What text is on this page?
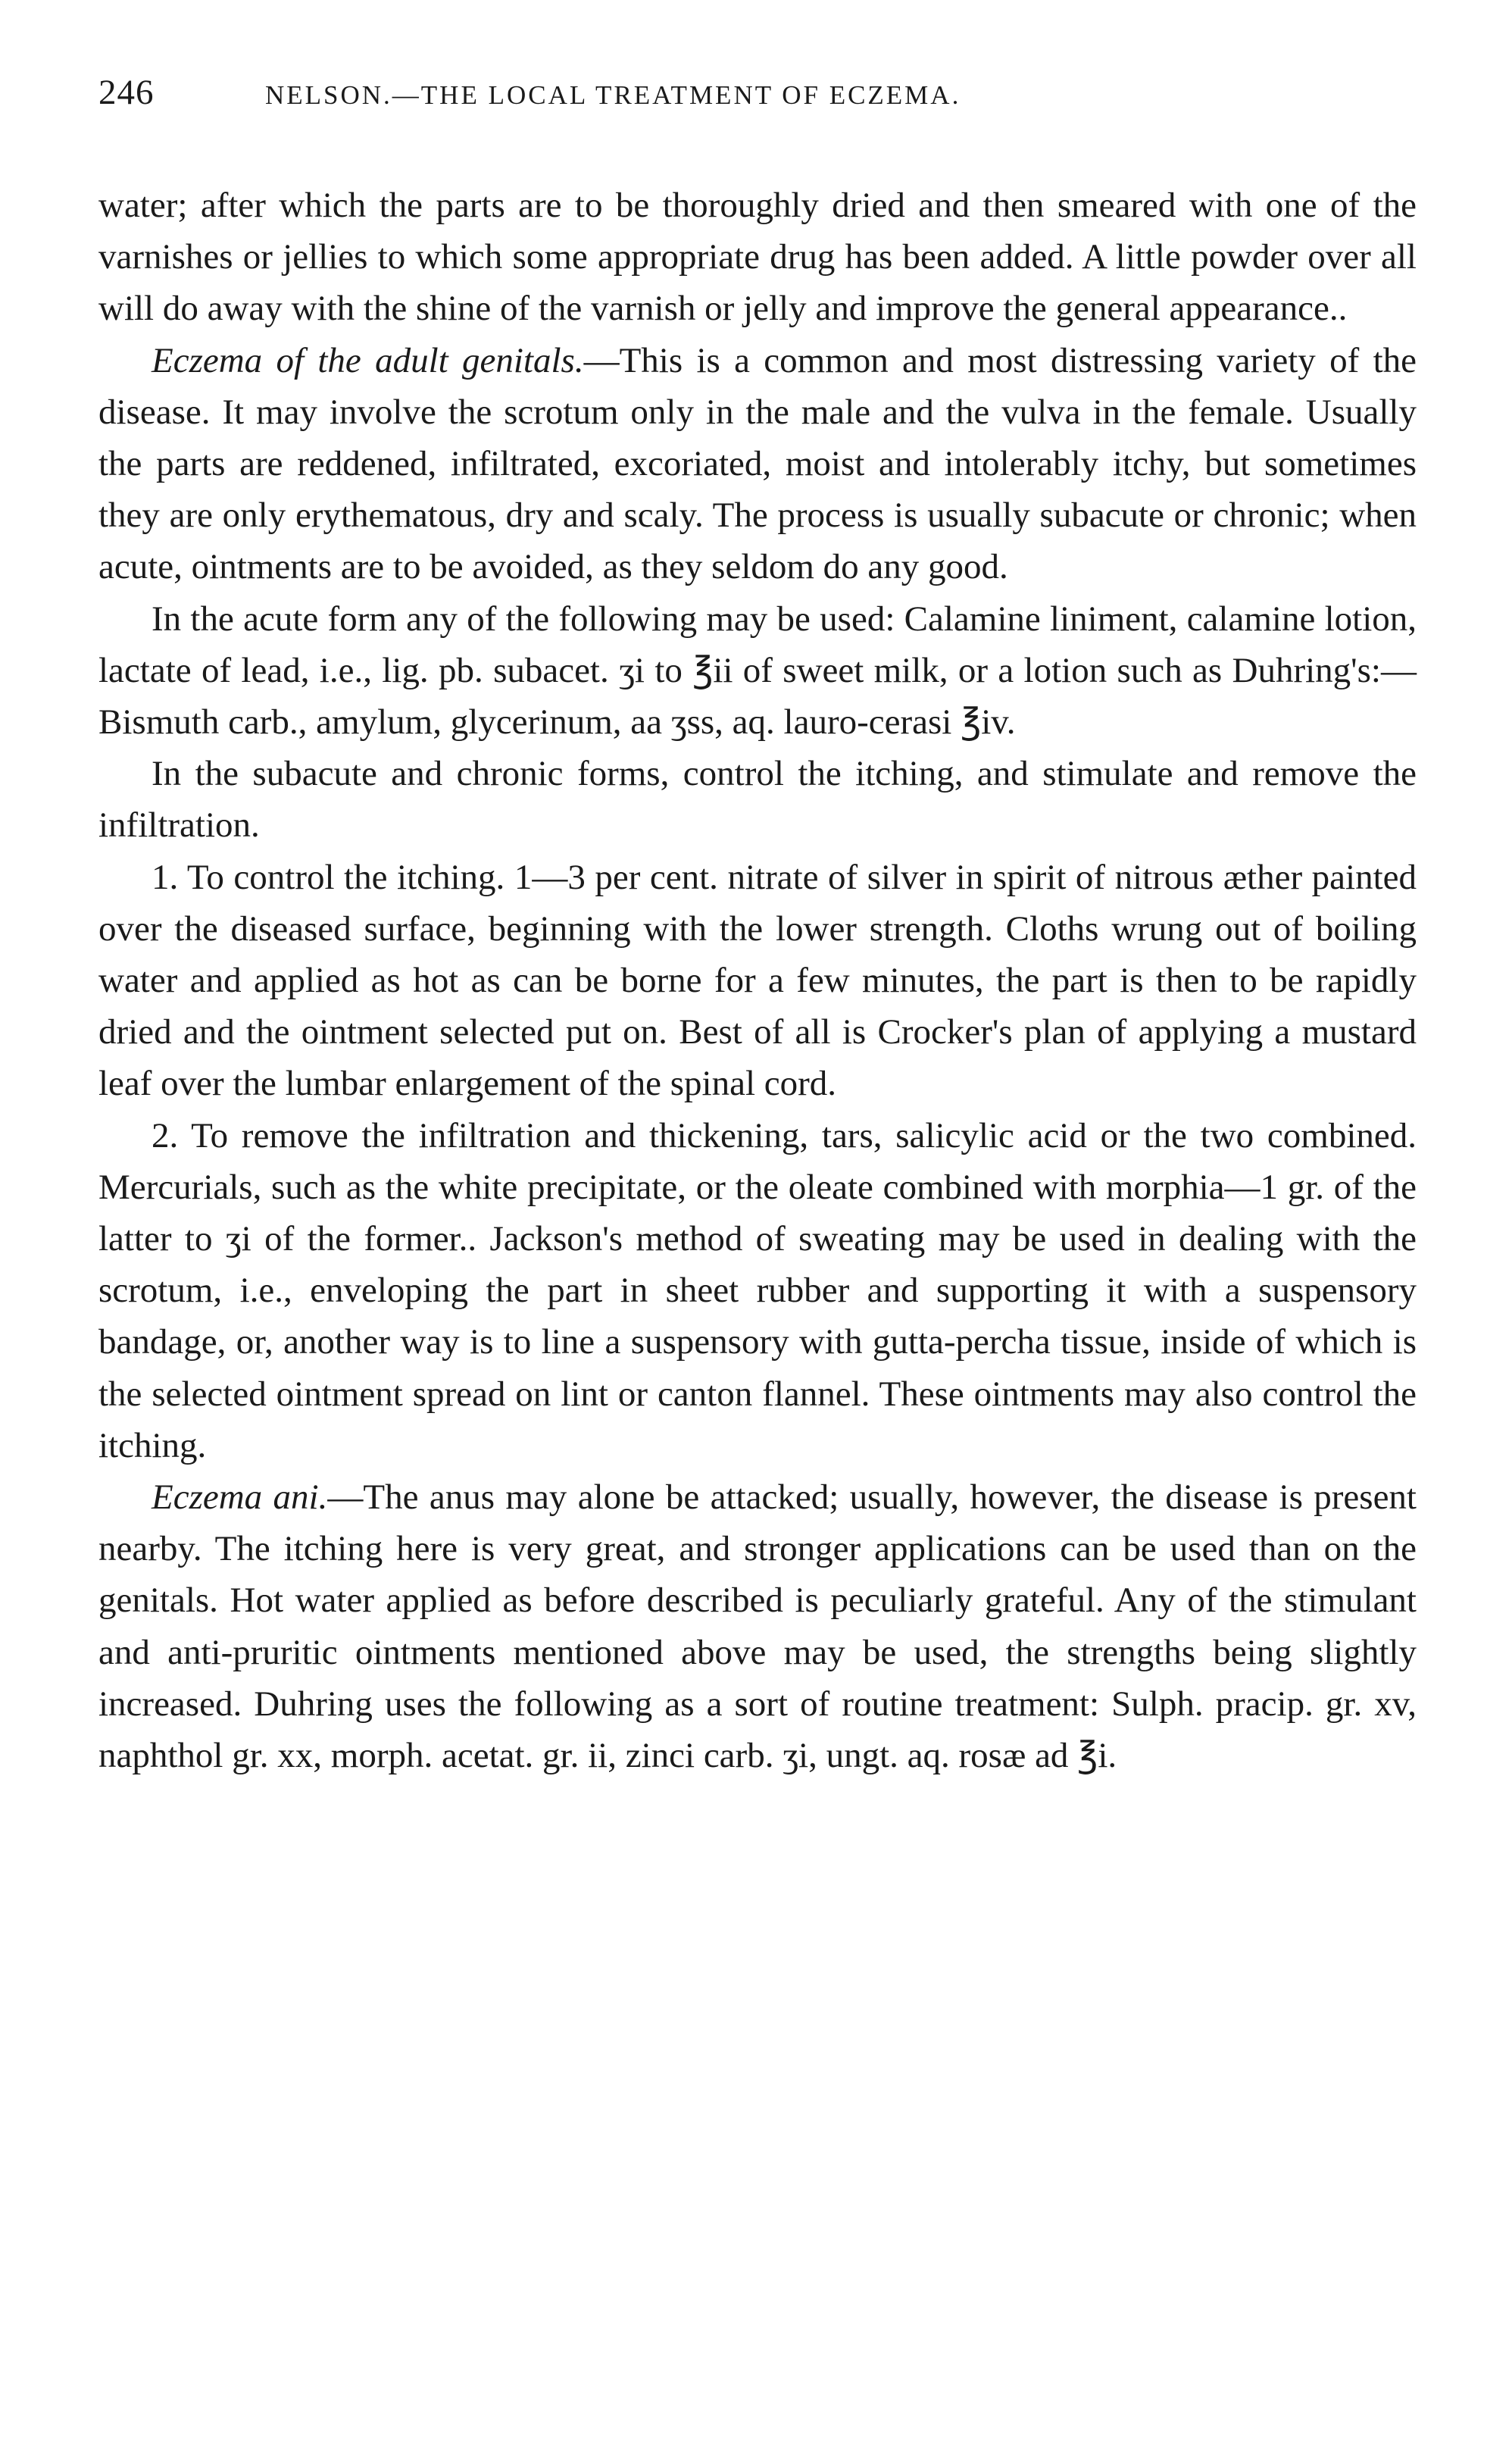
246	NELSON.—THE LOCAL TREATMENT OF ECZEMA.

water; after which the parts are to be thoroughly dried and then smeared with one of the varnishes or jellies to which some appropriate drug has been added. A little powder over all will do away with the shine of the varnish or jelly and improve the general appearance..

Eczema of the adult genitals.—This is a common and most distressing variety of the disease. It may involve the scrotum only in the male and the vulva in the female. Usually the parts are reddened, infiltrated, excoriated, moist and intolerably itchy, but sometimes they are only erythematous, dry and scaly. The process is usually subacute or chronic; when acute, ointments are to be avoided, as they seldom do any good.

In the acute form any of the following may be used: Calamine liniment, calamine lotion, lactate of lead, i.e., lig. pb. subacet. ʒi to ℥ii of sweet milk, or a lotion such as Duhring's:—Bismuth carb., amylum, glycerinum, aa ʒss, aq. lauro-cerasi ℥iv.

In the subacute and chronic forms, control the itching, and stimulate and remove the infiltration.

1. To control the itching. 1—3 per cent. nitrate of silver in spirit of nitrous æther painted over the diseased surface, beginning with the lower strength. Cloths wrung out of boiling water and applied as hot as can be borne for a few minutes, the part is then to be rapidly dried and the ointment selected put on. Best of all is Crocker's plan of applying a mustard leaf over the lumbar enlargement of the spinal cord.

2. To remove the infiltration and thickening, tars, salicylic acid or the two combined. Mercurials, such as the white precipitate, or the oleate combined with morphia—1 gr. of the latter to ʒi of the former.. Jackson's method of sweating may be used in dealing with the scrotum, i.e., enveloping the part in sheet rubber and supporting it with a suspensory bandage, or, another way is to line a suspensory with gutta-percha tissue, inside of which is the selected ointment spread on lint or canton flannel. These ointments may also control the itching.

Eczema ani.—The anus may alone be attacked; usually, however, the disease is present nearby. The itching here is very great, and stronger applications can be used than on the genitals. Hot water applied as before described is peculiarly grateful. Any of the stimulant and anti-pruritic ointments mentioned above may be used, the strengths being slightly increased. Duhring uses the following as a sort of routine treatment: Sulph. pracip. gr. xv, naphthol gr. xx, morph. acetat. gr. ii, zinci carb. ʒi, ungt. aq. rosæ ad ℥i.
